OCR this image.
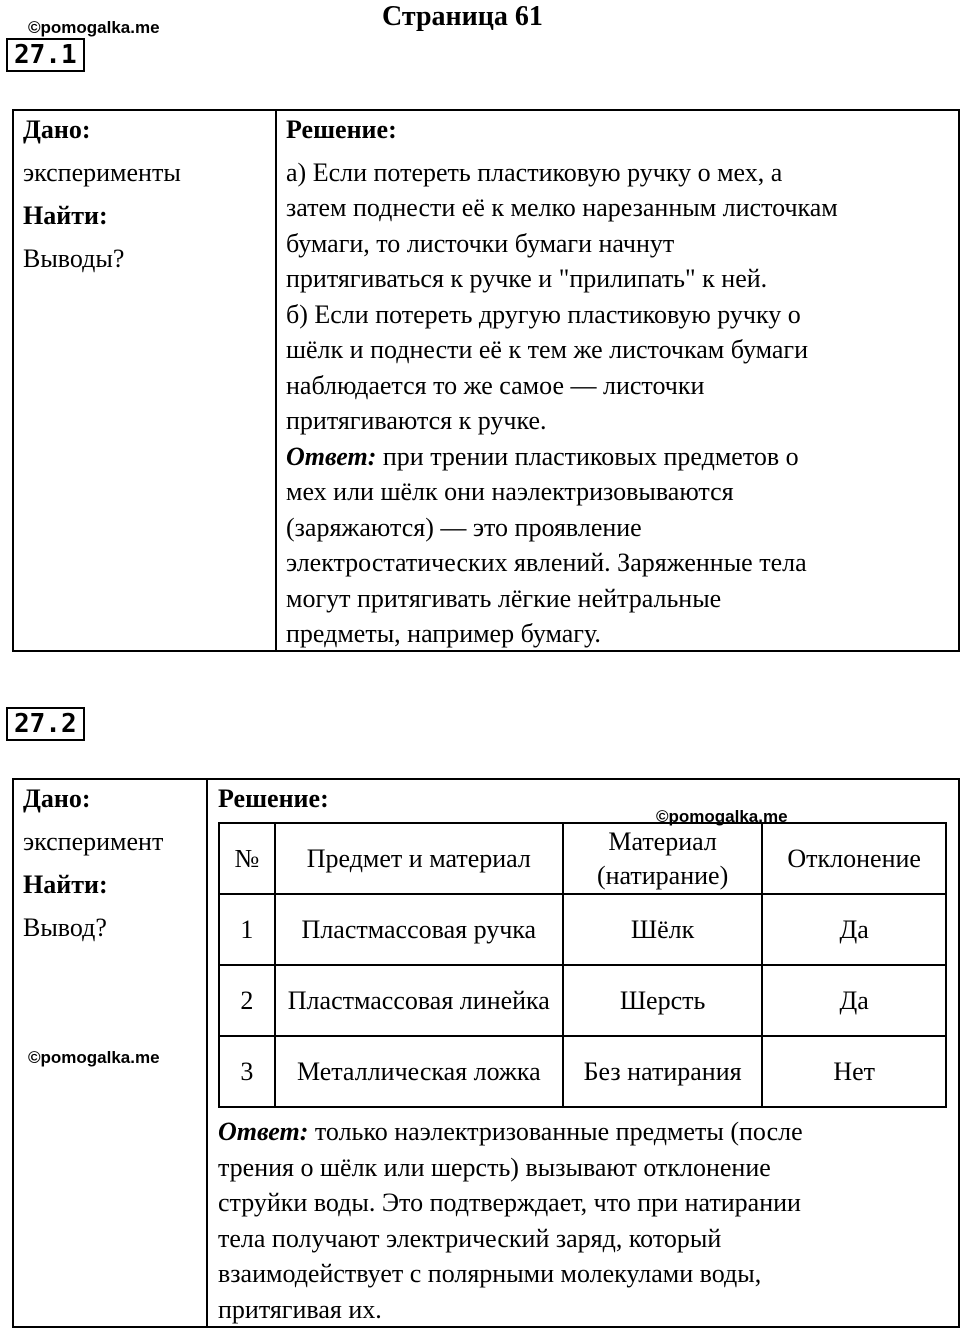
©pomogalka.me	Страница 61
27.1
Дано:
эксперименты
Найти:
Выводы?
Решение:

а) Если потереть пластиковую ручку о мех, а

затем поднести её к мелко нарезанным листочкам

бумаги, то листочки бумаги начнут

притягиваться к ручке и "прилипать" к ней.

б) Если потереть другую пластиковую ручку о

шёлк и поднести её к тем же листочкам бумаги

наблюдается то же самое — листочки

притягиваются к ручке.

Ответ: при трении пластиковых предметов о

мех или шёлк они наэлектризовываются

(заряжаются) — это проявление

электростатических явлений. Заряженные тела

могут притягивать лёгкие нейтральные

предметы, например бумагу.

27.2
Дано:
эксперимент
Найти:
Вывод?
©pomogalka.me
Решение:
©pomogalka.me
№	Предмет и материал	Материал (натирание)	Отклонение
1	Пластмассовая ручка	Шёлк	Да
2	Пластмассовая линейка	Шерсть	Да
3	Металлическая ложка	Без натирания	Нет

Ответ: только наэлектризованные предметы (после

трения о шёлк или шерсть) вызывают отклонение

струйки воды. Это подтверждает, что при натирании

тела получают электрический заряд, который

взаимодействует с полярными молекулами воды,

притягивая их.
